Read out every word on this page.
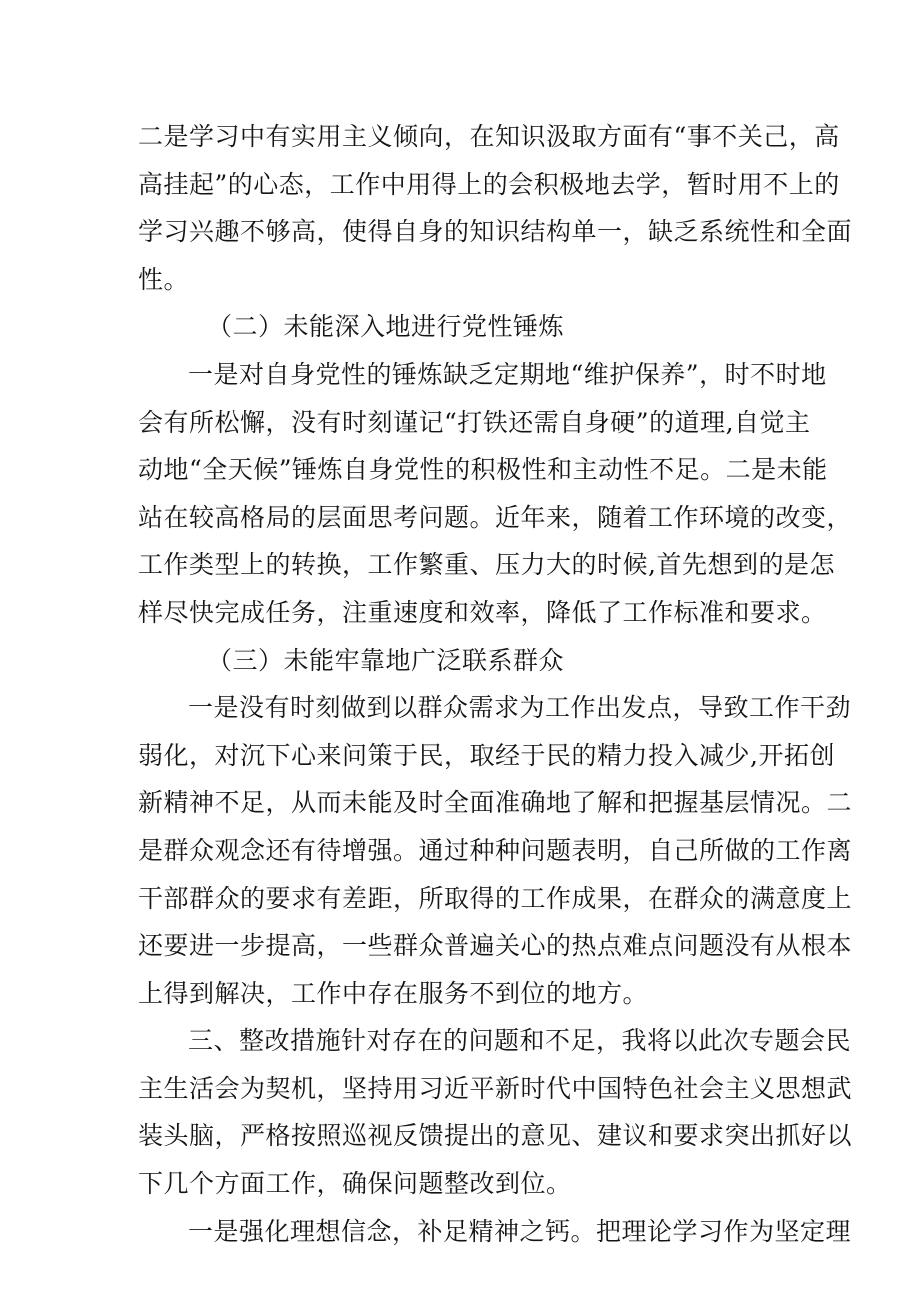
二是学习中有实用主义倾向，在知识汲取方面有“事不关己，高
高挂起”的心态，工作中用得上的会积极地去学，暂时用不上的
学习兴趣不够高，使得自身的知识结构单一，缺乏系统性和全面
性。
（二）未能深入地进行党性锤炼
一是对自身党性的锤炼缺乏定期地“维护保养”，时不时地
会有所松懈，没有时刻谨记“打铁还需自身硬”的道理,自觉主
动地“全天候”锤炼自身党性的积极性和主动性不足。二是未能
站在较高格局的层面思考问题。近年来，随着工作环境的改变，
工作类型上的转换，工作繁重、压力大的时候,首先想到的是怎
样尽快完成任务，注重速度和效率，降低了工作标准和要求。
（三）未能牢靠地广泛联系群众
一是没有时刻做到以群众需求为工作出发点，导致工作干劲
弱化，对沉下心来问策于民，取经于民的精力投入减少,开拓创
新精神不足，从而未能及时全面准确地了解和把握基层情况。二
是群众观念还有待增强。通过种种问题表明，自己所做的工作离
干部群众的要求有差距，所取得的工作成果，在群众的满意度上
还要进一步提高，一些群众普遍关心的热点难点问题没有从根本
上得到解决，工作中存在服务不到位的地方。
三、整改措施针对存在的问题和不足，我将以此次专题会民
主生活会为契机，坚持用习近平新时代中国特色社会主义思想武
装头脑，严格按照巡视反馈提出的意见、建议和要求突出抓好以
下几个方面工作，确保问题整改到位。
一是强化理想信念，补足精神之钙。把理论学习作为坚定理
